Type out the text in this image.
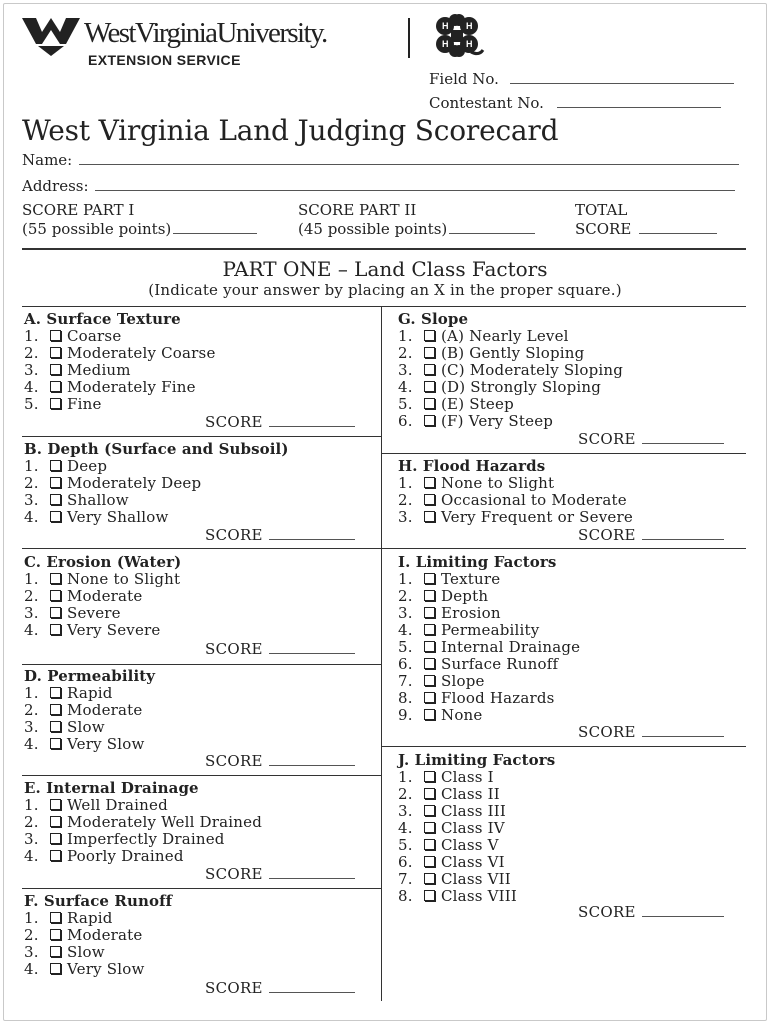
WestVirginiaUniversity.
EXTENSION SERVICE
H H
H H
Field No.
Contestant No.
West Virginia Land Judging Scorecard
Name:
Address:
SCORE PART I
(55 possible points)
SCORE PART II
(45 possible points)
TOTAL
SCORE
PART ONE – Land Class Factors
(Indicate your answer by placing an X in the proper square.)
A. Surface Texture
1. Coarse
2. Moderately Coarse
3. Medium
4. Moderately Fine
5. Fine
SCORE
B. Depth (Surface and Subsoil)
1. Deep
2. Moderately Deep
3. Shallow
4. Very Shallow
SCORE
C. Erosion (Water)
1. None to Slight
2. Moderate
3. Severe
4. Very Severe
SCORE
D. Permeability
1. Rapid
2. Moderate
3. Slow
4. Very Slow
SCORE
E. Internal Drainage
1. Well Drained
2. Moderately Well Drained
3. Imperfectly Drained
4. Poorly Drained
SCORE
F. Surface Runoff
1. Rapid
2. Moderate
3. Slow
4. Very Slow
SCORE
G. Slope
1. (A) Nearly Level
2. (B) Gently Sloping
3. (C) Moderately Sloping
4. (D) Strongly Sloping
5. (E) Steep
6. (F) Very Steep
SCORE
H. Flood Hazards
1. None to Slight
2. Occasional to Moderate
3. Very Frequent or Severe
SCORE
I. Limiting Factors
1. Texture
2. Depth
3. Erosion
4. Permeability
5. Internal Drainage
6. Surface Runoff
7. Slope
8. Flood Hazards
9. None
SCORE
J. Limiting Factors
1. Class I
2. Class II
3. Class III
4. Class IV
5. Class V
6. Class VI
7. Class VII
8. Class VIII
SCORE
